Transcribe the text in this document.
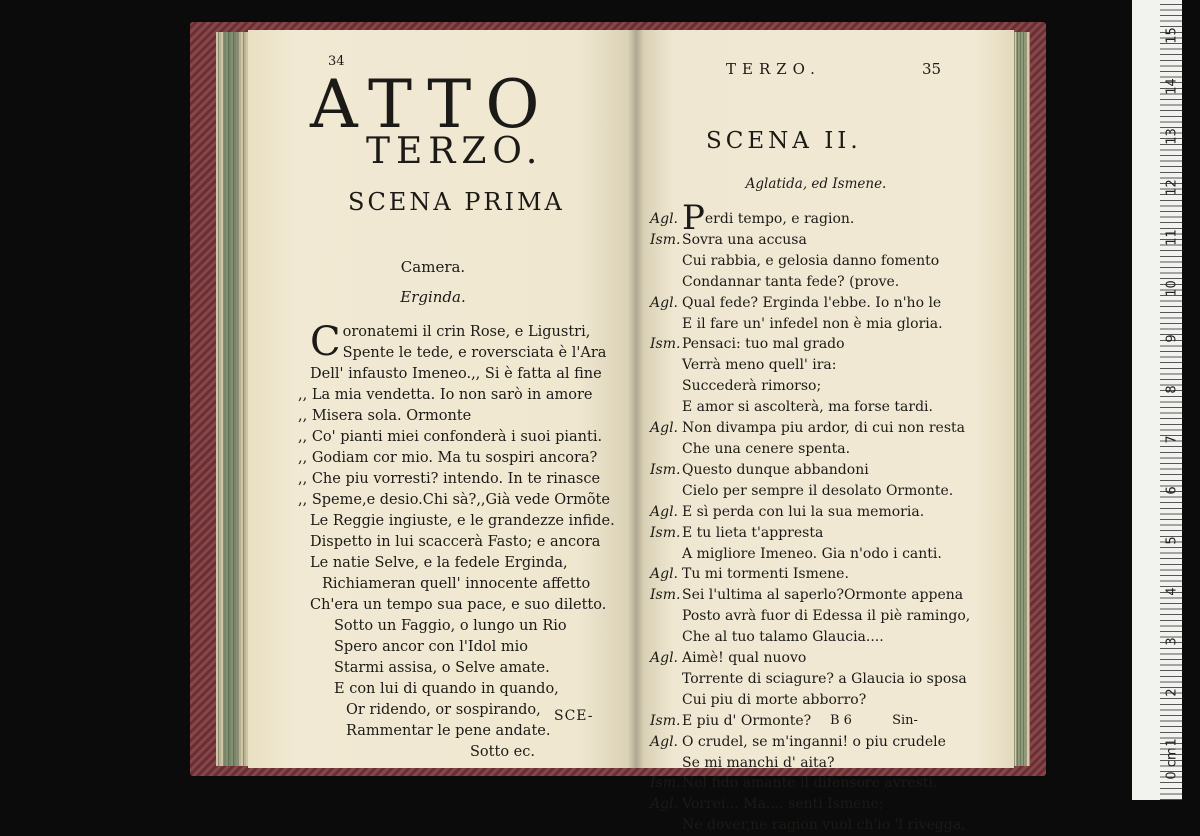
34
ATTO
TERZO.
SCENA PRIMA
Camera.
Erginda.
C oronatemi il crin Rose, e Ligustri,
Spente le tede, e roversciata è l'Ara
Dell' infausto Imeneo.,, Si è fatta al fine
,, La mia vendetta. Io non sarò in amore
,, Misera sola. Ormonte
,, Co' pianti miei confonderà i suoi pianti.
,, Godiam cor mio. Ma tu sospiri ancora?
,, Che piu vorresti? intendo. In te rinasce
,, Speme,e desio.Chi sà?,,Già vede Ormõte
Le Reggie ingiuste, e le grandezze infide.
Dispetto in lui scaccerà Fasto; e ancora
Le natie Selve, e la fedele Erginda,
Richiameran quell' innocente affetto
Ch'era un tempo sua pace, e suo diletto.
Sotto un Faggio, o lungo un Rio
Spero ancor con l'Idol mio
Starmi assisa, o Selve amate.
E con lui di quando in quando,
Or ridendo, or sospirando,
Rammentar le pene andate.
Sotto ec.
SCE-
TERZO.	35
SCENA II.
Aglatida, ed Ismene.
Agl. Perdi tempo, e ragion.
Ism. Sovra una accusa
Cui rabbia, e gelosia danno fomento
Condannar tanta fede? (prove.
Agl. Qual fede? Erginda l'ebbe. Io n'ho le
E il fare un' infedel non è mia gloria.
Ism. Pensaci: tuo mal grado
Verrà meno quell' ira:
Succederà rimorso;
E amor si ascolterà, ma forse tardi.
Agl. Non divampa piu ardor, di cui non resta
Che una cenere spenta.
Ism. Questo dunque abbandoni
Cielo per sempre il desolato Ormonte.
Agl. E sì perda con lui la sua memoria.
Ism. E tu lieta t'appresta
A migliore Imeneo. Gia n'odo i canti.
Agl. Tu mi tormenti Ismene.
Ism. Sei l'ultima al saperlo?Ormonte appena
Posto avrà fuor di Edessa il piè ramingo,
Che al tuo talamo Glaucia....
Agl. Aimè! qual nuovo
Torrente di sciagure? a Glaucia io sposa
Cui piu di morte abborro?
Ism. E piu d' Ormonte?
Agl. O crudel, se m'inganni! o piu crudele
Se mi manchi d' aita?
Ism. Nel fido amante il difensore avresti.
Agl. Vorrei... Ma.... senti Ismene;
Ne dover,ne ragion vuol ch'io 'l rivegga,
B 6	Sin-
0 cm
1
2
3
4
5
6
7
8
9
10
11
12
13
14
15
